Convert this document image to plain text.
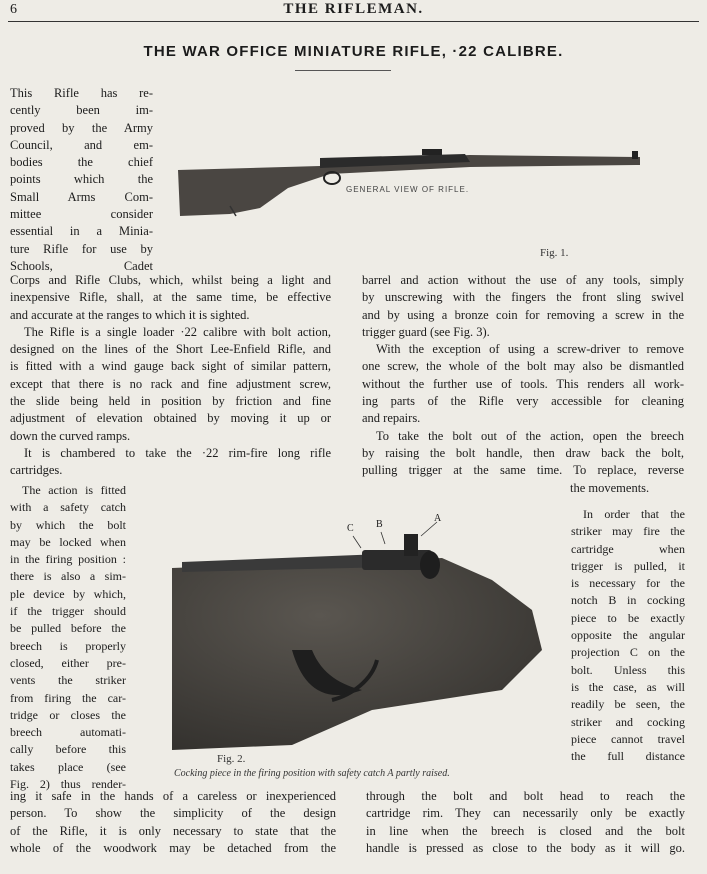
6	THE RIFLEMAN.
THE WAR OFFICE MINIATURE RIFLE, ·22 CALIBRE.
GENERAL VIEW OF RIFLE.
Fig. 1.
C B
A
Fig. 2.
Cocking piece in the firing position with safety catch A partly raised.
This Rifle has re-
cently been im-
proved by the Army
Council, and em-
bodies the chief
points which the
Small Arms Com-
mittee consider
essential in a Minia-
ture Rifle for use by
Schools, Cadet
Corps and Rifle Clubs, which, whilst being a light and
inexpensive Rifle, shall, at the same time, be effective
and accurate at the ranges to which it is sighted.
The Rifle is a single loader ·22 calibre with bolt action,
designed on the lines of the Short Lee-Enfield Rifle, and
is fitted with a wind gauge back sight of similar pattern,
except that there is no rack and fine adjustment screw,
the slide being held in position by friction and fine
adjustment of elevation obtained by moving it up or
down the curved ramps.
It is chambered to take the ·22 rim-fire long rifle
cartridges.
The action is fitted
with a safety catch
by which the bolt
may be locked when
in the firing position :
there is also a sim-
ple device by which,
if the trigger should
be pulled before the
breech is properly
closed, either pre-
vents the striker
from firing the car-
tridge or closes the
breech automati-
cally before this
takes place (see
Fig. 2) thus render-
ing it safe in the hands of a careless or inexperienced
person. To show the simplicity of the design
of the Rifle, it is only necessary to state that the
whole of the woodwork may be detached from the
barrel and action without the use of any tools, simply
by unscrewing with the fingers the front sling swivel
and by using a bronze coin for removing a screw in the
trigger guard (see Fig. 3).
With the exception of using a screw-driver to remove
one screw, the whole of the bolt may also be dismantled
without the further use of tools. This renders all work-
ing parts of the Rifle very accessible for cleaning
and repairs.
To take the bolt out of the action, open the breech
by raising the bolt handle, then draw back the bolt,
pulling trigger at the same time. To replace, reverse
the movements.
In order that the
striker may fire the
cartridge when
trigger is pulled, it
is necessary for the
notch B in cocking
piece to be exactly
opposite the angular
projection C on the
bolt. Unless this
is the case, as will
readily be seen, the
striker and cocking
piece cannot travel
the full distance
through the bolt and bolt head to reach the
cartridge rim. They can necessarily only be exactly
in line when the breech is closed and the bolt
handle is pressed as close to the body as it will go.
